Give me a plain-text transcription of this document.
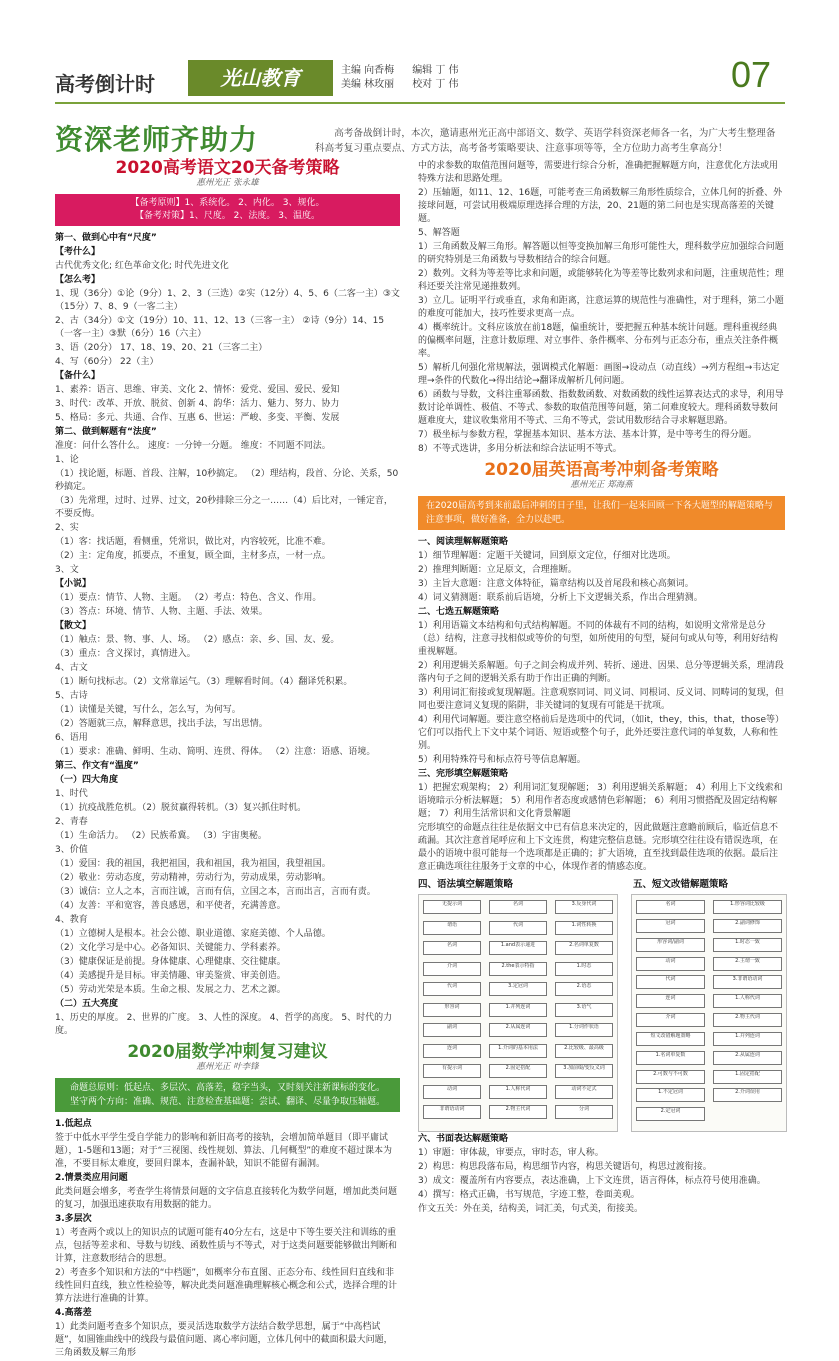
高考倒计时	光山教育	主编 向香梅 编辑 丁 伟
美编 林玫丽 校对 丁 伟	07
资深老师齐助力	高考备战倒计时，本次，邀请惠州光正高中部语文、数学、英语学科资深老师各一名，为广大考生整理备科高考复习重点要点、方式方法，高考备考策略要诀、注意事项等等，全方位助力高考生拿高分！
2020高考语文20天备考策略
惠州光正 张永雄
【备考原则】1、系统化。 2、内化。 3、规化。
【备考对策】1、尺度。 2、法度。 3、温度。

第一、做到心中有“尺度”

【考什么】

古代优秀文化; 红色革命文化; 时代先进文化

【怎么考】

1、现（36分）①论（9分）1、2、3（三选）②实（12分）4、5、6（二客一主）③文（15分）7、8、9（一客二主）

2、古（34分）①文（19分）10、11、12、13（三客一主） ②诗（9分）14、15（一客一主）③默（6分）16（六主）

3、语（20分） 17、18、19、20、21（三客二主）

4、写（60分） 22（主）

【备什么】

1、素养：语言、思维、审美、文化 2、情怀：爱党、爱国、爱民、爱知

3、时代：改革、开放、脱贫、创新 4、韵华：活力、魅力、努力、协力

5、格局：多元、共通、合作、互惠 6、世运：严峻、多变、平衡、发展

第二、做到解题有“法度”

准度：问什么答什么。 速度：一分钟一分题。 维度：不同题不同法。

1、论

（1）找论题，标题、首段、注解，10秒搞定。 （2）理结构，段首、分论、关系，50秒搞定。

（3）先常理，过时、过界、过文，20秒排除三分之一……（4）后比对，一锤定音，不要反悔。

2、实

（1）客：找话题，看侧重，凭常识，做比对，内容较死，比准不难。

（2）主：定角度，抓要点，不重复，顾全面，主材多点，一材一点。

3、文

【小说】

（1）要点：情节、人物、主题。 （2）考点：特色、含义、作用。

（3）答点：环境、情节、人物、主题、手法、效果。

【散文】

（1）触点：景、物、事、人、场。 （2）感点：亲、乡、国、友、爱。

（3）重点：含义探讨，真情进入。

4、古文

（1）断句找标志。（2）文常靠运气。（3）理解看时间。（4）翻译凭积累。

5、古诗

（1）读懂是关键，写什么，怎么写，为何写。

（2）答题就三点，解释意思，找出手法，写出思情。

6、语用

（1）要求：准确、鲜明、生动、简明、连贯、得体。 （2）注意：语感、语境。

第三、作文有“温度”

（一）四大角度

1、时代

（1）抗疫战胜危机。（2）脱贫赢得转机。（3）复兴抓住时机。

2、青春

（1）生命活力。 （2）民族希冀。 （3）宇宙奥秘。

3、价值

（1）爱国：我的祖国，我把祖国，我和祖国，我为祖国，我望祖国。

（2）敬业：劳动态度，劳动精神，劳动行为，劳动成果，劳动影响。

（3）诚信：立人之本，言而注诚，言而有信，立国之本，言而出言，言而有责。

（4）友善：平和宽容，善良感恩，和平使者，充满善意。

4、教育

（1）立德树人是根本。社会公德、职业道德、家庭美德、个人品德。

（2）文化学习是中心。必备知识、关键能力、学科素养。

（3）健康保证是前提。身体健康、心理健康、交往健康。

（4）美感提升是目标。审美情趣、审美鉴赏、审美创造。

（5）劳动光荣是本质。生命之根、发展之力、艺术之源。

（二）五大亮度

1、历史的厚度。 2、世界的广度。 3、人性的深度。 4、哲学的高度。 5、时代的力度。

2020届数学冲刺复习建议
惠州光正 叶李锋
命题总原则：低起点、多层次、高落差，稳字当头，又时刻关注新课标的变化。
坚守两个方向：准确、规范、注意检查基础题：尝试、翻译、尽量争取压轴题。

1.低起点

签于中低水平学生受自学能力的影响和新旧高考的接轨，会增加简单题目（即平庸试题），1-5题和13题；对于“三视图、线性规划、算法、几何概型”的难度不超过课本为准，不要目标太难度，要回归课本，查漏补缺，知识不能留有漏洞。

2.情景类应用问题

此类问题会增多，考查学生将情景问题的文字信息直接转化为数学问题，增加此类问题的复习，加强迅速获取有用数据的能力。

3.多层次

1）考查两个或以上的知识点的试题可能有40分左右，这是中下等生要关注和训练的重点，包括等差求和、导数与切线、函数性质与不等式，对于这类问题要能够做出判断和计算，注意数形结合的思想。

2）考查多个知识和方法的“中档题”，如概率分布直图、正态分布、线性回归直线和非线性回归直线，独立性检验等，解决此类问题准确理解核心概念和公式，选择合理的计算方法进行准确的计算。

4.高落差

1）此类问题考查多个知识点，要灵活选取数学方法结合数学思想，属于“中高档试题”，如圆锥曲线中的线段与最值问题、离心率问题，立体几何中的截面积最大问题，三角函数及解三角形

中的求参数的取值范围问题等，需要进行综合分析，准确把握解题方向，注意优化方法或用特殊方法和思路处理。

2）压轴题，如11、12、16题，可能考查三角函数解三角形性质综合，立体几何的折叠、外接球问题，可尝试用极端原理选择合理的方法，20、21题的第二问也是实现高落差的关键题。

5、解答题

1）三角函数及解三角形。解答题以恒等变换加解三角形可能性大，理科数学应加强综合问题的研究特别是三角函数与导数相结合的综合问题。

2）数列。文科为等差等比求和问题，或能够转化为等差等比数列求和问题，注重规范性；理科还要关注常见递推数列。

3）立几。证明平行或垂直，求角和距离，注意运算的规范性与准确性，对于理科，第二小题的难度可能加大，技巧性要求更高一点。

4）概率统计。文科应该放在前18题，偏重统计，要把握五种基本统计问题。理科重视经典的偏概率问题，注意计数原理、对立事件、条件概率、分布列与正态分布，重点关注条件概率。

5）解析几何强化常规解法，强调模式化解题：画图→设动点（动直线）→列方程组→韦达定理→条件的代数化→得出结论→翻译成解析几何问题。

6）函数与导数，文科注重幂函数、指数数函数、对数函数的线性运算表达式的求导，利用导数讨论单调性、极值、不等式、参数的取值范围等问题，第二问难度较大。理科函数导数问题难度大，建议收集常用不等式、三角不等式，尝试用数形结合寻求解题思路。

7）极坐标与参数方程，掌握基本知识、基本方法、基本计算，是中等考生的得分题。

8）不等式选讲，多用分析法和综合法证明不等式。

2020届英语高考冲刺备考策略
惠州光正 郑海燕
在2020届高考到来前最后冲刺的日子里，让我们一起来回顾一下各大题型的解题策略与注意事项，做好准备，全力以赴吧。

一、阅读理解解题策略

1）细节理解题：定题干关键词，回到原文定位，仔细对比选项。

2）推理判断题：立足原文，合理推断。

3）主旨大意题：注意文体特征，篇章结构以及首尾段和核心高频词。

4）词义猜测题：联系前后语境，分析上下文逻辑关系，作出合理猜测。

二、七选五解题策略

1）利用语篇文本结构和句式结构解题。不同的体裁有不同的结构，如说明文常常是总分（总）结构，注意寻找相似或等价的句型，如所使用的句型，疑问句或从句等，利用好结构重视解题。

2）利用逻辑关系解题。句子之间会构成并列、转折、递进、因果、总分等逻辑关系，理清段落内句子之间的逻辑关系有助于作出正确的判断。

3）利用词汇衔接或复现解题。注意观察同词、同义词、同根词、反义词、同畴词的复现，但同也要注意词义复现的陷阱，非关键词的复现有可能是干扰项。

4）利用代词解题。要注意空格前后是选项中的代词，（如it，they，this，that，those等）它们可以指代上下文中某个词语、短语或整个句子，此外还要注意代词的单复数，人称和性别。

5）利用特殊符号和标点符号等信息解题。

三、完形填空解题策略

1）把握宏观架构； 2）利用词汇复现解题； 3）利用逻辑关系解题； 4）利用上下文线索和语境暗示分析法解题； 5）利用作者态度或感情色彩解题； 6）利用习惯搭配及固定结构解题； 7）利用生活常识和文化背景解题

完形填空的命题点往往是依据文中已有信息来决定的，因此做题注意瞻前顾后，临近信息不疏漏。其次注意首尾呼应和上下文连贯，构建完整信息链。完形填空往往设有错误选项，在最小的语境中很可能每一个选项都是正确的；扩大语境，直至找到最佳选项的依据。最后注意正确选项往往服务于文章的中心，体现作者的情感态度。

四、语法填空解题策略	五、短文改错解题策略
无提示词
谓语
名词
介词
代词
形容词
副词
连词
有提示词
动词
非谓语动词
名词
代词
1.and表示递进
2.the表示特指
3.定冠词
1.并列连词
2.从属连词
1.介词的基本用法
2.固定搭配
1.人称代词
2.物主代词
3.反身代词
1.词性转换
2.名词单复数
1.时态
2.语态
3.语气
1.分词作状语
2.比较级、最高级
3.加前缀/变反义词
动词不定式
分词
名词
冠词
形容词/副词
动词
代词
连词
介词
短文改错解题策略
1.名词单复数
2.可数与不可数
1.不定冠词
2.定冠词
1.形容词比较级
2.副词修饰
1.时态一致
2.主谓一致
3.非谓语动词
1.人称代词
2.物主代词
1.并列连词
2.从属连词
1.固定搭配
2.介词误用

六、书面表达解题策略

1）审题：审体裁，审要点，审时态，审人称。

2）构思：构思段落布局，构思细节内容，构思关键语句，构思过渡衔接。

3）成文：覆盖所有内容要点，表达准确，上下文连贯，语言得体，标点符号使用准确。

4）撰写：格式正确，书写规范，字迹工整，卷面美观。

作文五关：外在美，结构美，词汇美，句式美，衔接美。
